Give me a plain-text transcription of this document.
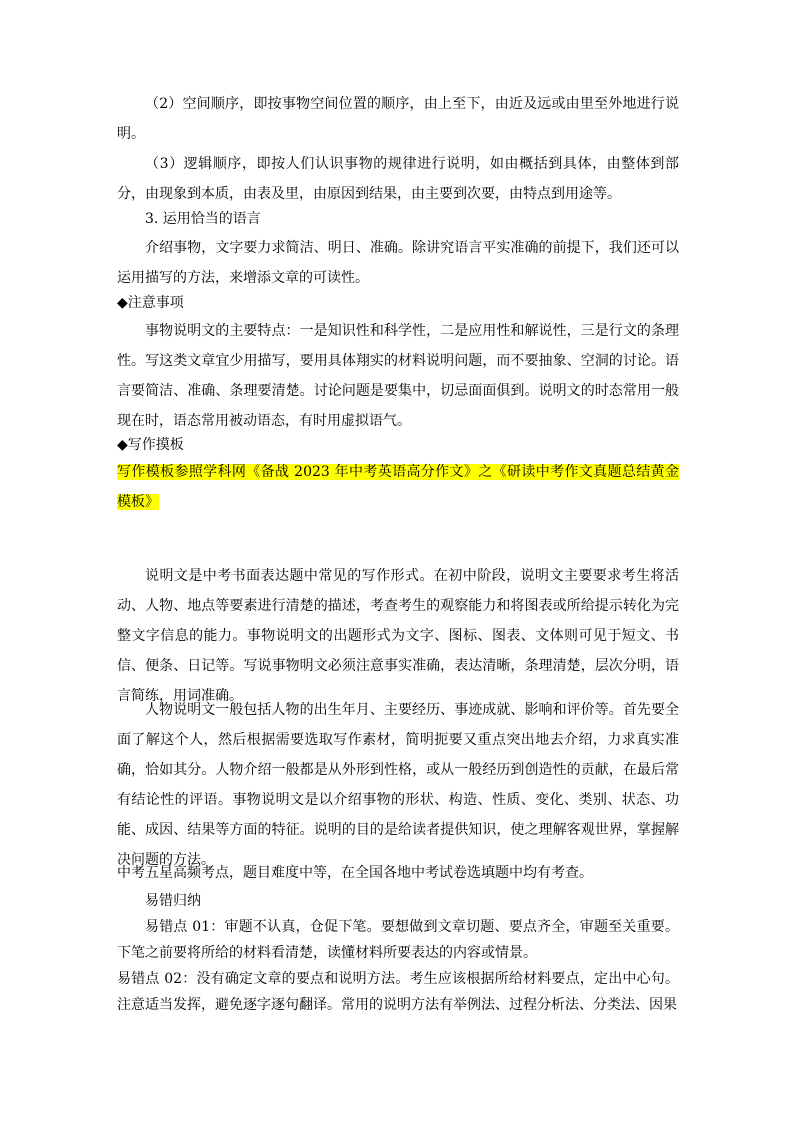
（2）空间顺序，即按事物空间位置的顺序，由上至下，由近及远或由里至外地进行说明。

（3）逻辑顺序，即按人们认识事物的规律进行说明，如由概括到具体，由整体到部分，由现象到本质，由表及里，由原因到结果，由主要到次要，由特点到用途等。

3. 运用恰当的语言

介绍事物，文字要力求简洁、明日、准确。除讲究语言平实准确的前提下，我们还可以运用描写的方法，来增添文章的可读性。

◆注意事项

事物说明文的主要特点：一是知识性和科学性，二是应用性和解说性，三是行文的条理性。写这类文章宜少用描写，要用具体翔实的材料说明问题，而不要抽象、空洞的讨论。语言要简洁、准确、条理要清楚。讨论问题是要集中，切忌面面俱到。说明文的时态常用一般现在时，语态常用被动语态，有时用虚拟语气。

◆写作摸板

写作模板参照学科网《备战 2023 年中考英语高分作文》之《研读中考作文真题总结黄金模板》

说明文是中考书面表达题中常见的写作形式。在初中阶段，说明文主要要求考生将活动、人物、地点等要素进行清楚的描述，考查考生的观察能力和将图表或所给提示转化为完整文字信息的能力。事物说明文的出题形式为文字、图标、图表、文体则可见于短文、书信、便条、日记等。写说事物明文必须注意事实准确，表达清晰，条理清楚，层次分明，语言简练，用词准确。

人物说明文一般包括人物的出生年月、主要经历、事迹成就、影响和评价等。首先要全面了解这个人，然后根据需要选取写作素材，简明扼要又重点突出地去介绍，力求真实准确，恰如其分。人物介绍一般都是从外形到性格，或从一般经历到创造性的贡献，在最后常有结论性的评语。事物说明文是以介绍事物的形状、构造、性质、变化、类别、状态、功能、成因、结果等方面的特征。说明的目的是给读者提供知识，使之理解客观世界，掌握解决问题的方法。

中考五星高频考点，题目难度中等，在全国各地中考试卷选填题中均有考查。

易错归纳

易错点 01：审题不认真，仓促下笔。要想做到文章切题、要点齐全，审题至关重要。下笔之前要将所给的材料看清楚，读懂材料所要表达的内容或情景。

易错点 02：没有确定文章的要点和说明方法。考生应该根据所给材料要点，定出中心句。注意适当发挥，避免逐字逐句翻译。常用的说明方法有举例法、过程分析法、分类法、因果
